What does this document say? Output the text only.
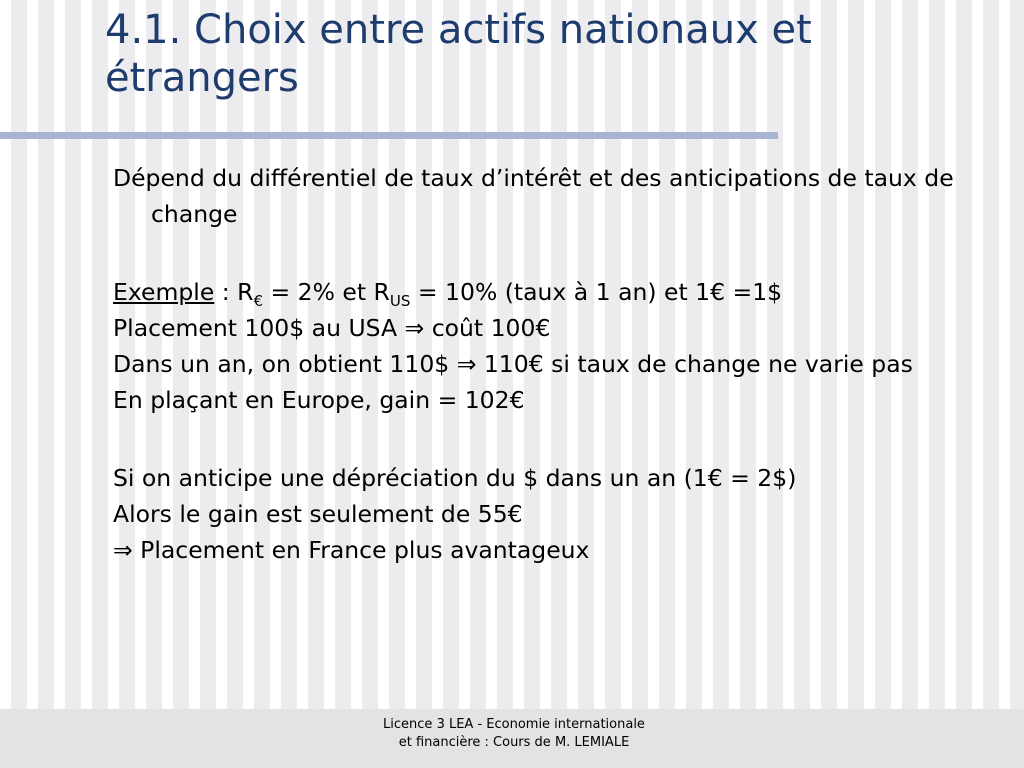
4.1. Choix entre actifs nationaux et étrangers

Dépend du différentiel de taux d’intérêt et des anticipations de taux de change

Exemple : $R_€ = 2\%$ et $R_{US} = 10\%$ (taux à 1 an) et 1€ =1$

Placement 100$ au USA ⇒ coût 100€

Dans un an, on obtient 110$ ⇒ 110€ si taux de change ne varie pas

En plaçant en Europe, gain = 102€

Si on anticipe une dépréciation du $ dans un an (1€ = 2$)

Alors le gain est seulement de 55€

⇒ Placement en France plus avantageux

Licence 3 LEA - Economie internationale
et financière : Cours de M. LEMIALE
